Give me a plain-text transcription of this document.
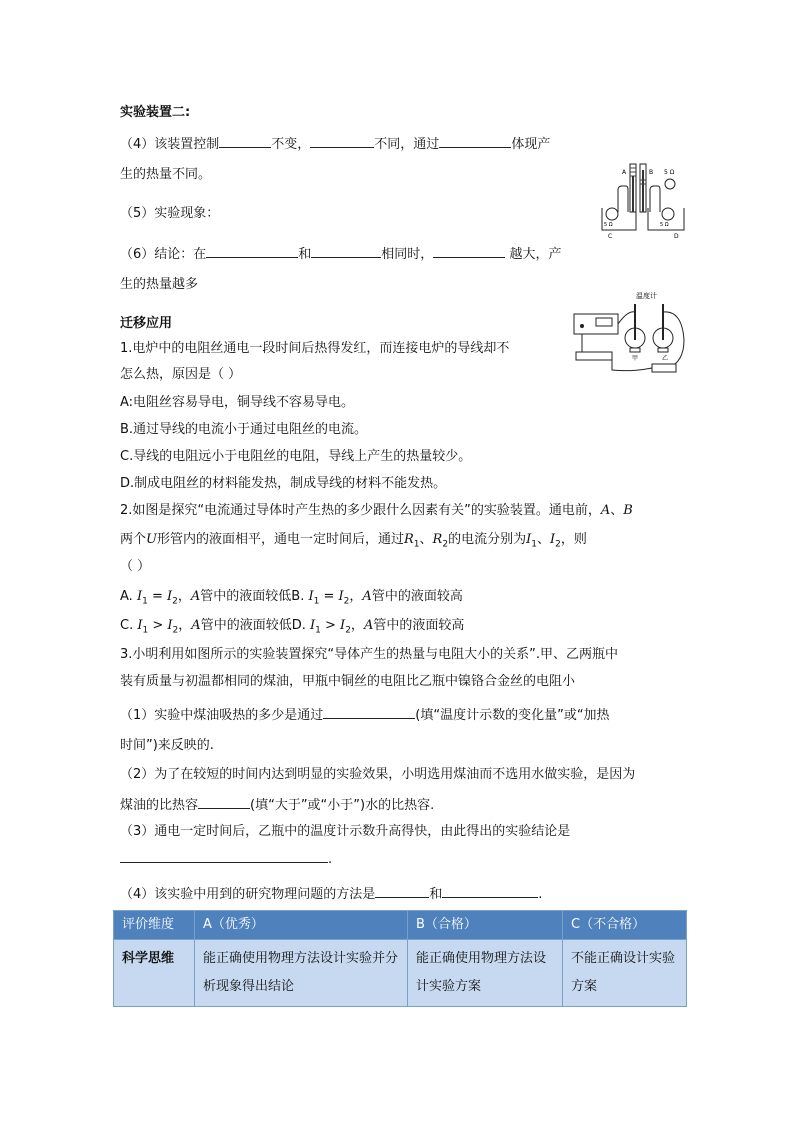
实验装置二:
（4）该装置控制	不变，	不同，通过	体现产
生的热量不同。
（5）实验现象：
（6）结论：在	和	相同时，	越大，产
生的热量越多
A	B
C	D
5 Ω
5 Ω	5 Ω
迁移应用
温度计
甲	乙
1.电炉中的电阻丝通电一段时间后热得发红，而连接电炉的导线却不
怎么热，原因是（ ）
A:电阻丝容易导电，铜导线不容易导电。
B.通过导线的电流小于通过电阻丝的电流。
C.导线的电阻远小于电阻丝的电阻，导线上产生的热量较少。
D.制成电阻丝的材料能发热，制成导线的材料不能发热。
2.如图是探究“电流通过导体时产生热的多少跟什么因素有关”的实验装置。通电前，A、B
两个U形管内的液面相平，通电一定时间后，通过$R_1$、$R_2$的电流分别为$I_1$、$I_2$，则
（ ）
A. $I_1 = I_2$，A管中的液面较低B. $I_1 = I_2$，A管中的液面较高
C. $I_1 > I_2$，A管中的液面较低D. $I_1 > I_2$，A管中的液面较高
3.小明利用如图所示的实验装置探究“导体产生的热量与电阻大小的关系”.甲、乙两瓶中
装有质量与初温都相同的煤油，甲瓶中铜丝的电阻比乙瓶中镍铬合金丝的电阻小
（1）实验中煤油吸热的多少是通过	(填“温度计示数的变化量”或“加热
时间”)来反映的.
（2）为了在较短的时间内达到明显的实验效果，小明选用煤油而不选用水做实验，是因为
煤油的比热容	(填“大于”或“小于”)水的比热容.
（3）通电一定时间后，乙瓶中的温度计示数升高得快，由此得出的实验结论是
.
（4）该实验中用到的研究物理问题的方法是	和	.
评价维度	A（优秀）	B（合格）	C（不合格）
科学思维	能正确使用物理方法设计实验并分析现象得出结论	能正确使用物理方法设计实验方案	不能正确设计实验方案
